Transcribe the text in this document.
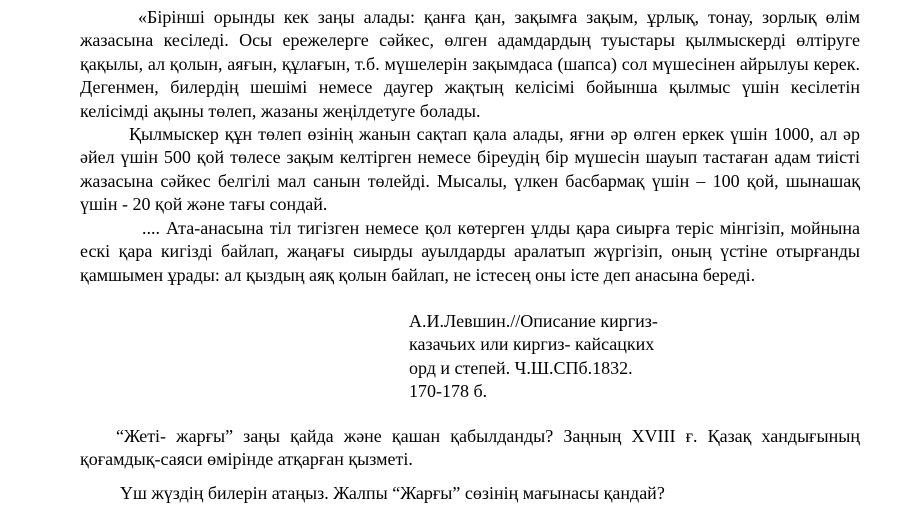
«Бірінші орынды кек заңы алады: қанға қан, зақымға зақым, ұрлық, тонау, зорлық өлім жазасына кесіледі. Осы ережелерге сәйкес, өлген адамдардың туыстары қылмыскерді өлтіруге қақылы, ал қолын, аяғын, құлағын, т.б. мүшелерін зақымдаса (шапса) сол мүшесінен айрылуы керек. Дегенмен, билердің шешімі немесе даугер жақтың келісімі бойынша қылмыс үшін кесілетін келісімді ақыны төлеп, жазаны жеңілдетуге болады.

Қылмыскер құн төлеп өзінің жанын сақтап қала алады, яғни әр өлген еркек үшін 1000, ал әр әйел үшін 500 қой төлесе зақым келтірген немесе біреудің бір мүшесін шауып тастаған адам тиісті жазасына сәйкес белгілі мал санын төлейді. Мысалы, үлкен басбармақ үшін – 100 қой, шынашақ үшін - 20 қой және тағы сондай.

.... Ата-анасына тіл тигізген немесе қол көтерген ұлды қара сиырға теріс мінгізіп, мойнына ескі қара кигізді байлап, жаңағы сиырды ауылдарды аралатып жүргізіп, оның үстіне отырғанды қамшымен ұрады: ал қыздың аяқ қолын байлап, не істесең оны істе деп анасына береді.

А.И.Левшин.//Описание киргиз-
казачьих или киргиз- кайсацких
орд и степей. Ч.Ш.СПб.1832.
170-178 б.

“Жеті- жарғы” заңы қайда және қашан қабылданды? Заңның XVIII ғ. Қазақ хандығының қоғамдық-саяси өмірінде атқарған қызметі.

Үш жүздің билерін атаңыз. Жалпы “Жарғы” сөзінің мағынасы қандай?
